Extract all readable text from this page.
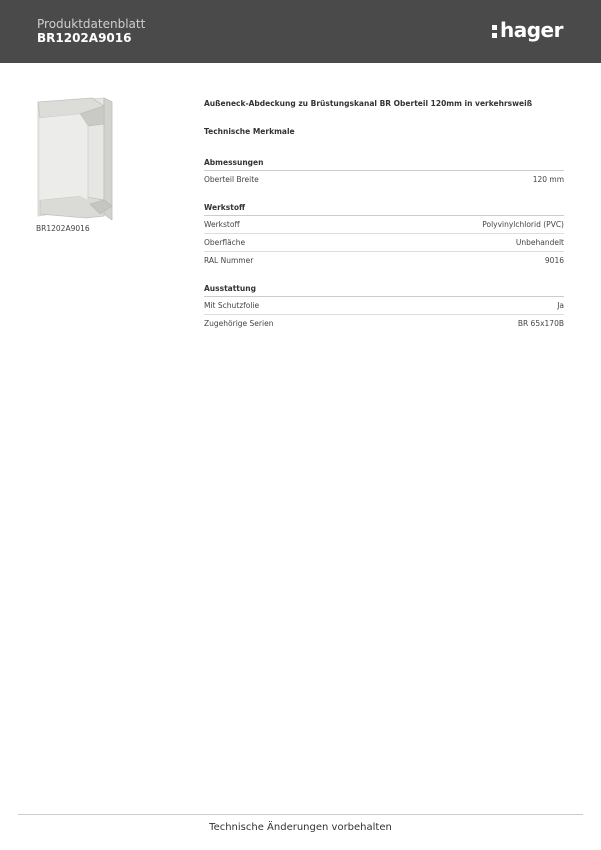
Produktdatenblatt
BR1202A9016	hager
BR1202A9016
Außeneck-Abdeckung zu Brüstungskanal BR Oberteil 120mm in verkehrsweiß
Technische Merkmale
Abmessungen
Oberteil Breite	120 mm
Werkstoff
Werkstoff	Polyvinylchlorid (PVC)
Oberfläche	Unbehandelt
RAL Nummer	9016
Ausstattung
Mit Schutzfolie	Ja
Zugehörige Serien	BR 65x170B
Technische Änderungen vorbehalten
